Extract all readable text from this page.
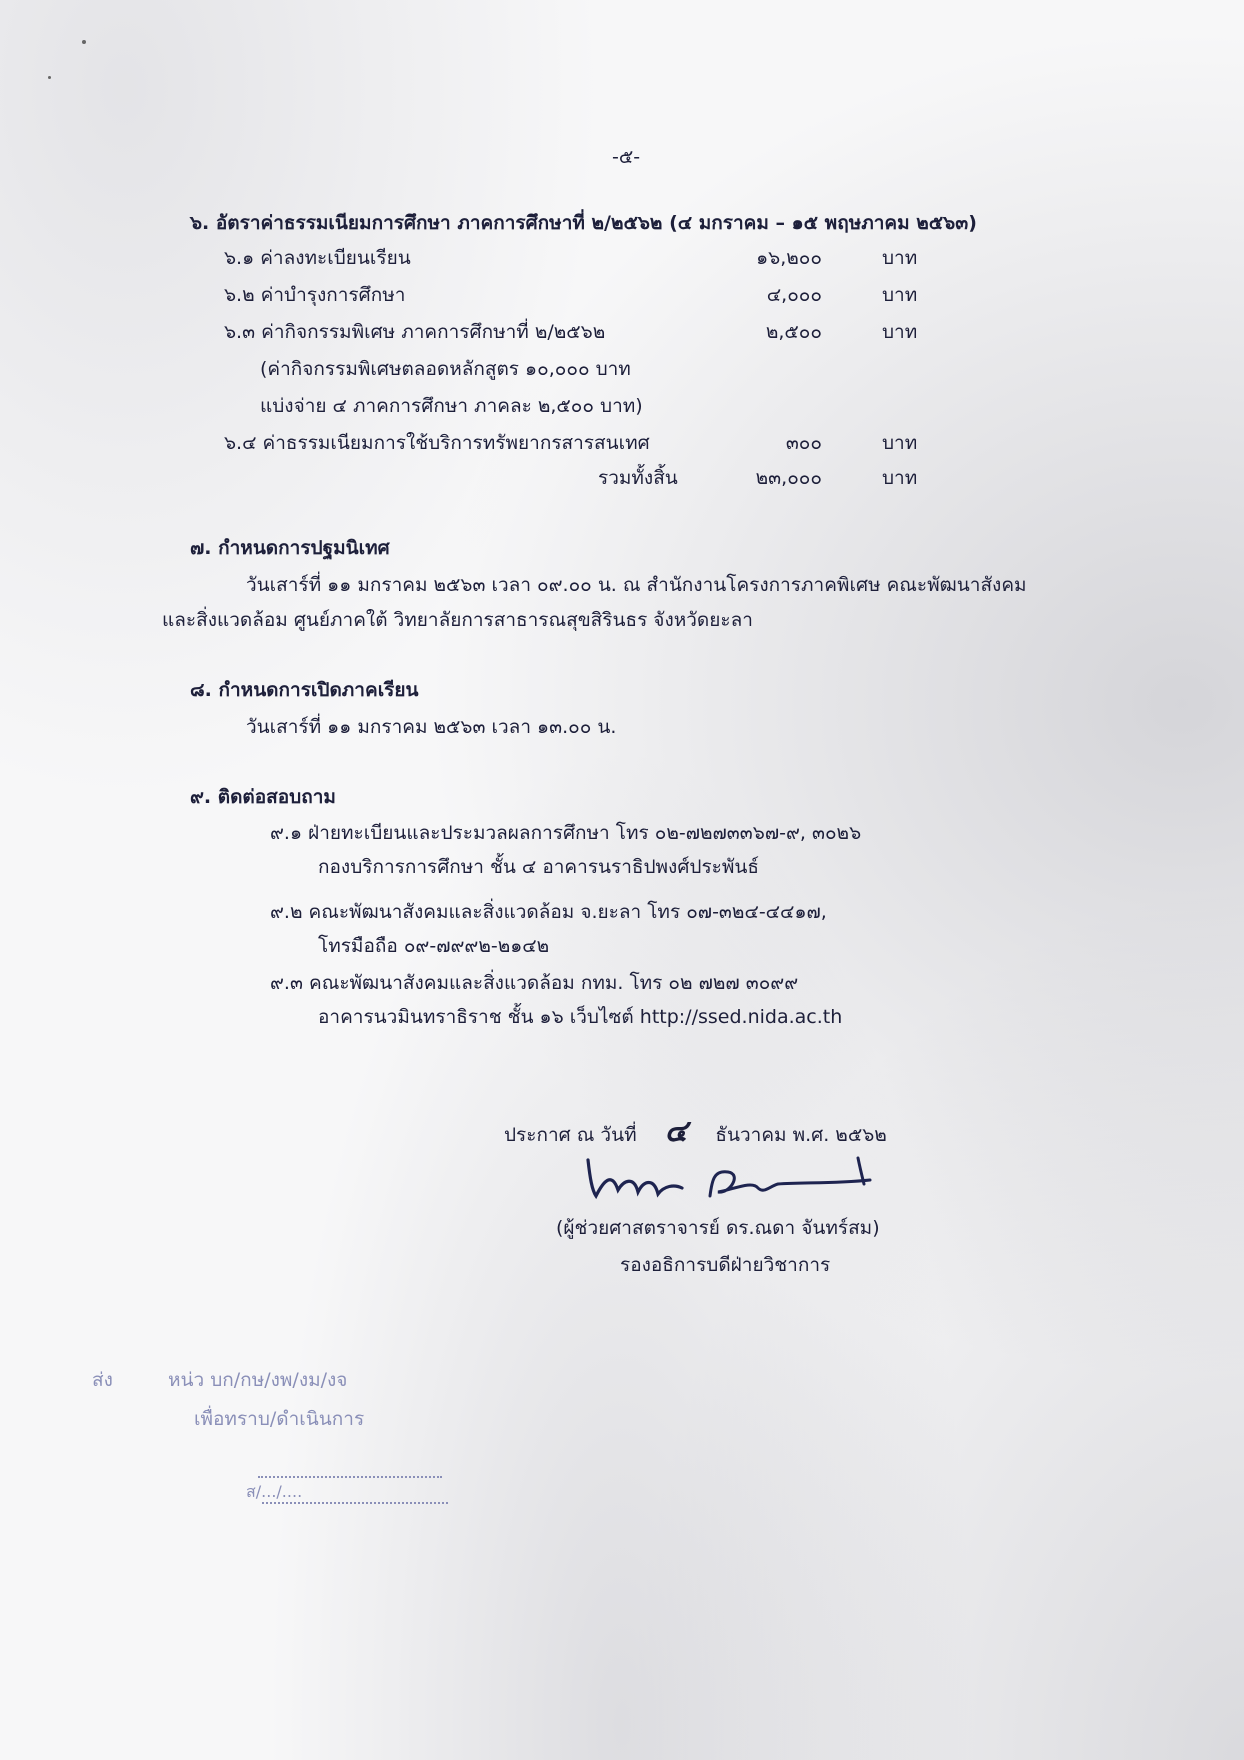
-๕-
๖. อัตราค่าธรรมเนียมการศึกษา ภาคการศึกษาที่ ๒/๒๕๖๒ (๔ มกราคม – ๑๕ พฤษภาคม ๒๕๖๓)
๖.๑ ค่าลงทะเบียนเรียน	๑๖,๒๐๐	บาท
๖.๒ ค่าบำรุงการศึกษา	๔,๐๐๐	บาท
๖.๓ ค่ากิจกรรมพิเศษ ภาคการศึกษาที่ ๒/๒๕๖๒	๒,๕๐๐	บาท
(ค่ากิจกรรมพิเศษตลอดหลักสูตร ๑๐,๐๐๐ บาท
แบ่งจ่าย ๔ ภาคการศึกษา ภาคละ ๒,๕๐๐ บาท)
๖.๔ ค่าธรรมเนียมการใช้บริการทรัพยากรสารสนเทศ	๓๐๐	บาท
รวมทั้งสิ้น	๒๓,๐๐๐	บาท
๗. กำหนดการปฐมนิเทศ
วันเสาร์ที่ ๑๑ มกราคม ๒๕๖๓ เวลา ๐๙.๐๐ น. ณ สำนักงานโครงการภาคพิเศษ คณะพัฒนาสังคม
และสิ่งแวดล้อม ศูนย์ภาคใต้ วิทยาลัยการสาธารณสุขสิรินธร จังหวัดยะลา
๘. กำหนดการเปิดภาคเรียน
วันเสาร์ที่ ๑๑ มกราคม ๒๕๖๓ เวลา ๑๓.๐๐ น.
๙. ติดต่อสอบถาม
๙.๑ ฝ่ายทะเบียนและประมวลผลการศึกษา โทร ๐๒-๗๒๗๓๓๖๗-๙, ๓๐๒๖
กองบริการการศึกษา ชั้น ๔ อาคารนราธิปพงศ์ประพันธ์
๙.๒ คณะพัฒนาสังคมและสิ่งแวดล้อม จ.ยะลา โทร ๐๗-๓๒๔-๔๔๑๗,
โทรมือถือ ๐๙-๗๙๙๒-๒๑๔๒
๙.๓ คณะพัฒนาสังคมและสิ่งแวดล้อม กทม. โทร ๐๒ ๗๒๗ ๓๐๙๙
อาคารนวมินทราธิราช ชั้น ๑๖ เว็บไซต์ http://ssed.nida.ac.th
ประกาศ ณ วันที่ ๔ ธันวาคม พ.ศ. ๒๕๖๒
(ผู้ช่วยศาสตราจารย์ ดร.ณดา จันทร์สม)
รองอธิการบดีฝ่ายวิชาการ
ส่ง	หน่ว บก/กษ/งพ/งม/งจ
เพื่อทราบ/ดำเนินการ
ส/.../....
